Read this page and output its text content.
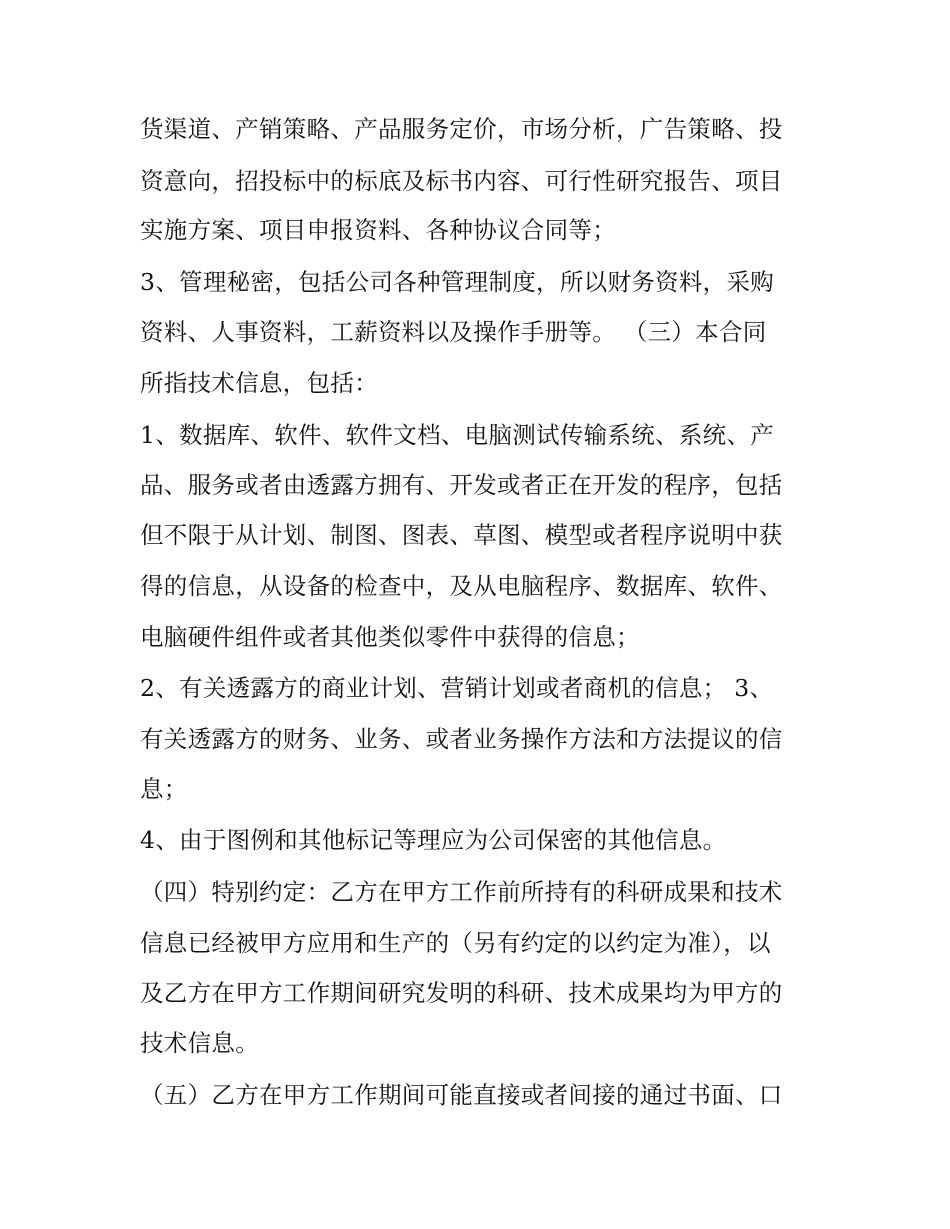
货渠道、产销策略、产品服务定价，市场分析，广告策略、投
资意向，招投标中的标底及标书内容、可行性研究报告、项目
实施方案、项目申报资料、各种协议合同等；
3、管理秘密，包括公司各种管理制度，所以财务资料，采购
资料、人事资料，工薪资料以及操作手册等。 （三）本合同
所指技术信息，包括：
1、数据库、软件、软件文档、电脑测试传输系统、系统、产
品、服务或者由透露方拥有、开发或者正在开发的程序，包括
但不限于从计划、制图、图表、草图、模型或者程序说明中获
得的信息，从设备的检查中，及从电脑程序、数据库、软件、
电脑硬件组件或者其他类似零件中获得的信息；
2、有关透露方的商业计划、营销计划或者商机的信息； 3、
有关透露方的财务、业务、或者业务操作方法和方法提议的信
息；
4、由于图例和其他标记等理应为公司保密的其他信息。
（四）特别约定：乙方在甲方工作前所持有的科研成果和技术
信息已经被甲方应用和生产的（另有约定的以约定为准），以
及乙方在甲方工作期间研究发明的科研、技术成果均为甲方的
技术信息。
（五）乙方在甲方工作期间可能直接或者间接的通过书面、口
